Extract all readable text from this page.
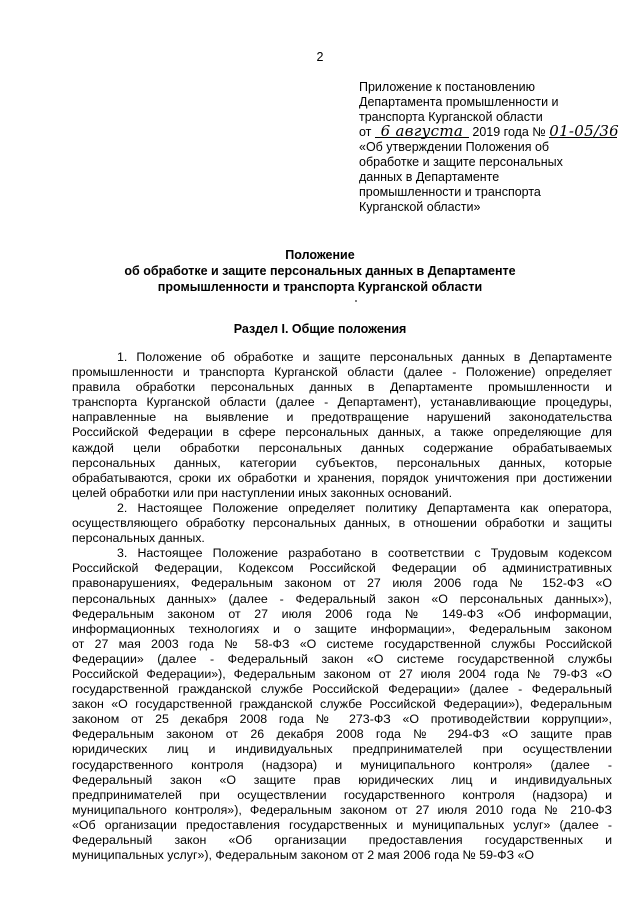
2
Приложение к постановлению
Департамента промышленности и
транспорта Курганской области
от 6 августа 2019 года № 01-05/36
«Об утверждении Положения об
обработке и защите персональных
данных в Департаменте
промышленности и транспорта
Курганской области»
Положение
об обработке и защите персональных данных в Департаменте
промышленности и транспорта Курганской области
Раздел I. Общие положения
1. Положение об обработке и защите персональных данных в Департаменте
промышленности и транспорта Курганской области (далее - Положение) определяет
правила обработки персональных данных в Департаменте промышленности и
транспорта Курганской области (далее - Департамент), устанавливающие процедуры,
направленные на выявление и предотвращение нарушений законодательства
Российской Федерации в сфере персональных данных, а также определяющие для
каждой цели обработки персональных данных содержание обрабатываемых
персональных данных, категории субъектов, персональных данных, которые
обрабатываются, сроки их обработки и хранения, порядок уничтожения при достижении
целей обработки или при наступлении иных законных оснований.
2. Настоящее Положение определяет политику Департамента как оператора,
осуществляющего обработку персональных данных, в отношении обработки и защиты
персональных данных.
3. Настоящее Положение разработано в соответствии с Трудовым кодексом
Российской Федерации, Кодексом Российской Федерации об административных
правонарушениях, Федеральным законом от 27 июля 2006 года № 152-ФЗ «О
персональных данных» (далее - Федеральный закон «О персональных данных»),
Федеральным законом от 27 июля 2006 года № 149-ФЗ «Об информации,
информационных технологиях и о защите информации», Федеральным законом
от 27 мая 2003 года № 58-ФЗ «О системе государственной службы Российской
Федерации» (далее - Федеральный закон «О системе государственной службы
Российской Федерации»), Федеральным законом от 27 июля 2004 года № 79-ФЗ «О
государственной гражданской службе Российской Федерации» (далее - Федеральный
закон «О государственной гражданской службе Российской Федерации»), Федеральным
законом от 25 декабря 2008 года № 273-ФЗ «О противодействии коррупции»,
Федеральным законом от 26 декабря 2008 года № 294-ФЗ «О защите прав
юридических лиц и индивидуальных предпринимателей при осуществлении
государственного контроля (надзора) и муниципального контроля» (далее -
Федеральный закон «О защите прав юридических лиц и индивидуальных
предпринимателей при осуществлении государственного контроля (надзора) и
муниципального контроля»), Федеральным законом от 27 июля 2010 года № 210-ФЗ
«Об организации предоставления государственных и муниципальных услуг» (далее -
Федеральный закон «Об организации предоставления государственных и
муниципальных услуг»), Федеральным законом от 2 мая 2006 года № 59-ФЗ «О
